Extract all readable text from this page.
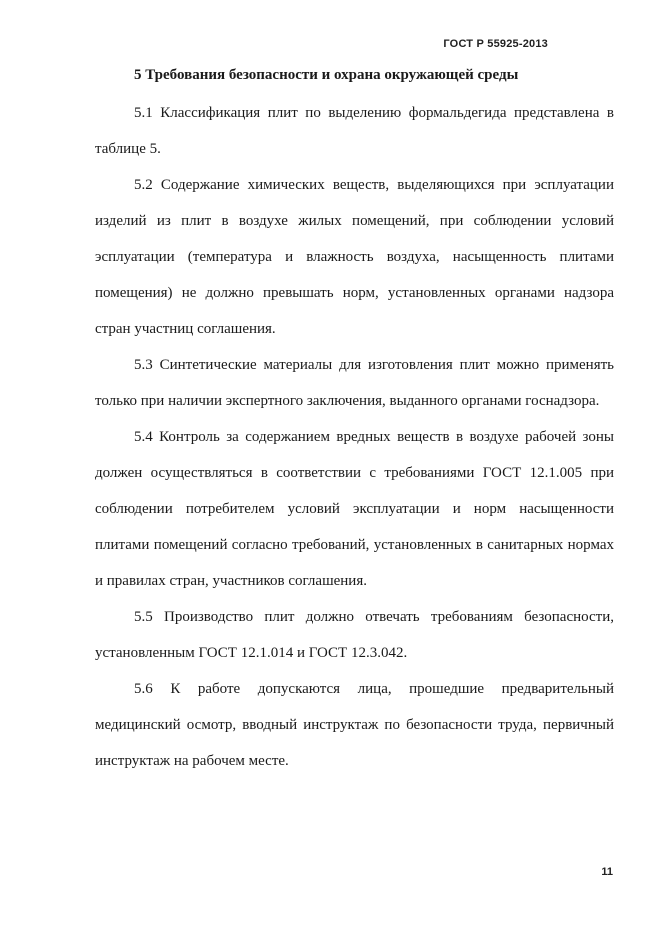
ГОСТ Р 55925-2013
5 Требования безопасности и охрана окружающей среды

5.1 Классификация плит по выделению формальдегида представлена в таблице 5.

5.2 Содержание химических веществ, выделяющихся при эсплуатации изделий из плит в воздухе жилых помещений, при соблюдении условий эсплуатации (температура и влажность воздуха, насыщенность плитами помещения) не должно превышать норм, установленных органами надзора стран участниц соглашения.

5.3 Синтетические материалы для изготовления плит можно применять только при наличии экспертного заключения, выданного органами госнадзора.

5.4 Контроль за содержанием вредных веществ в воздухе рабочей зоны должен осуществляться в соответствии с требованиями ГОСТ 12.1.005 при соблюдении потребителем условий эксплуатации и норм насыщенности плитами помещений согласно требований, установленных в санитарных нормах и правилах стран, участников соглашения.

5.5 Производство плит должно отвечать требованиям безопасности, установленным ГОСТ 12.1.014 и ГОСТ 12.3.042.

5.6 К работе допускаются лица, прошедшие предварительный медицинский осмотр, вводный инструктаж по безопасности труда, первичный инструктаж на рабочем месте.

11
